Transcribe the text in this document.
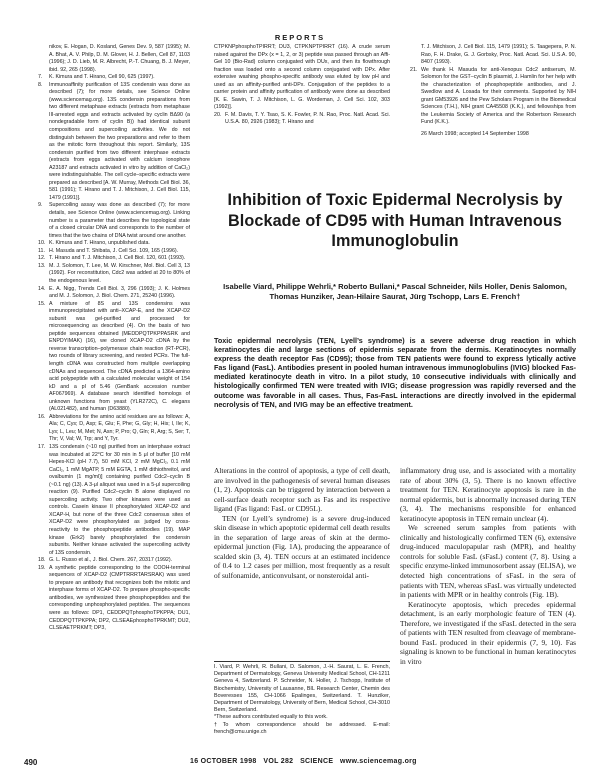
REPORTS

nikov, E. Hogan, D. Kosland, Genes Dev. 9, 587 (1995); M. A. Bhat, A. V. Philp, D. M. Glover, H. J. Bellen, Cell 87, 1103 (1996); J. D. Lieb, M. R. Albrecht, P.-T. Chuang, B. J. Meyer, ibid. 92, 265 (1998).

7. K. Kimura and T. Hirano, Cell 90, 625 (1997).

8. Immunoaffinity purification of 13S condensin was done as described (7); for more details, see Science Online (www.sciencemag.org). 13S condensin preparations from two different metaphase extracts (extracts from metaphase III-arrested eggs and extracts activated by cyclin BΔ90 (a nondegradable form of cyclin B)) had identical subunit compositions and supercoiling activities. We do not distinguish between the two preparations and refer to them as the mitotic form throughout this report. Similarly, 13S condensin purified from two different interphase extracts (extracts from eggs activated with calcium ionophore A23187 and extracts activated in vitro by addition of CaCl₂) were indistinguishable. The cell cycle–specific extracts were prepared as described [A. W. Murray, Methods Cell Biol. 36, 581 (1991); T. Hirano and T. J. Mitchison, J. Cell Biol. 115, 1479 (1991)].

9. Supercoiling assay was done as described (7); for more details, see Science Online (www.sciencemag.org). Linking number is a parameter that describes the topological state of a closed circular DNA and corresponds to the number of times that the two chains of DNA twist around one another.

10. K. Kimura and T. Hirano, unpublished data.

11. H. Masuda and T. Shibata, J. Cell Sci. 109, 165 (1996).

12. T. Hirano and T. J. Mitchison, J. Cell Biol. 120, 601 (1993).

13. M. J. Solomon, T. Lee, M. W. Kirschner, Mol. Biol. Cell 3, 13 (1992). For reconstitution, Cdc2 was added at 20 to 80% of the endogenous level.

14. E. A. Nigg, Trends Cell Biol. 3, 296 (1993); J. K. Holmes and M. J. Solomon, J. Biol. Chem. 271, 25240 (1996).

15. A mixture of 8S and 13S condensins was immunoprecipitated with anti–XCAP-E, and the XCAP-D2 subunit was gel-purified and processed for microsequencing as described (4). On the basis of two peptide sequences obtained (MEDDPQTPKPPASRK and ENPDYIMAK) (16), we cloned XCAP-D2 cDNA by the reverse transcription–polymerase chain reaction (RT-PCR), two rounds of library screening, and nested PCRs. The full-length cDNA was constructed from multiple overlapping cDNAs and sequenced. The cDNA predicted a 1364-amino acid polypeptide with a calculated molecular weight of 154 kD and a pI of 5.46 (GenBank accession number AF067969). A database search identified homologs of unknown functions from yeast (YLR272C), C. elegans (AL021482), and human (D63880).

16. Abbreviations for the amino acid residues are as follows: A, Ala; C, Cys; D, Asp; E, Glu; F, Phe; G, Gly; H, His; I, Ile; K, Lys; L, Leu; M, Met; N, Asn; P, Pro; Q, Gln; R, Arg; S, Ser; T, Thr; V, Val; W, Trp; and Y, Tyr.

17. 13S condensin (~10 ng) purified from an interphase extract was incubated at 22°C for 30 min in 5 μl of buffer [10 mM Hepes-KCl (pH 7.7), 50 mM KCl, 2 mM MgCl₂, 0.1 mM CaCl₂, 1 mM MgATP, 5 mM EGTA, 1 mM dithiothreitol, and ovalbumin (1 mg/ml)] containing purified Cdc2–cyclin B (~0.1 ng) (13). A 3-μl aliquot was used in a 5-μl supercoiling reaction (9). Purified Cdc2–cyclin B alone displayed no supercoiling activity. Two other kinases were used as controls. Casein kinase II phosphorylated XCAP-D2 and XCAP-H, but none of the three Cdc2 consensus sites of XCAP-D2 were phosphorylated as judged by cross-reactivity to the phosphopeptide antibodies (19). MAP kinase (Erk2) barely phosphorylated the condensin subunits. Neither kinase activated the supercoiling activity of 13S condensin.

18. G. L. Russo et al., J. Biol. Chem. 267, 20317 (1992).

19. A synthetic peptide corresponding to the COOH-terminal sequences of XCAP-D2 (CMPTRRRTARSRAK) was used to prepare an antibody that recognizes both the mitotic and interphase forms of XCAP-D2. To prepare phospho-specific antibodies, we synthesized three phosphopeptides and the corresponding unphosphorylated peptides. The sequences were as follows: DP1, CEDDPQTphosphoTPKPPA; DU1, CEDDPQTTPKPPA; DP2, CLSEAEphosphoTPRKMT; DU2, CLSEAETPRKMT; DP3,

CTPKNPphosphoTPIRRT; DU3, CTPKNPTPIRRT (16). A crude serum raised against the DPx (x = 1, 2, or 3) peptide was passed through an Affi-Gel 10 (Bio-Rad) column conjugated with DUx, and then its flowthrough fraction was loaded onto a second column conjugated with DPx. After extensive washing phospho-specific antibody was eluted by low pH and used as an affinity-purified anti-DPx. Conjugation of the peptides to a carrier protein and affinity purification of antibody were done as described [K. E. Sawin, T. J. Mitchison, L. G. Wordeman, J. Cell Sci. 102, 303 (1992)].

20. F. M. Davis, T. Y. Tsao, S. K. Fowler, P. N. Rao, Proc. Natl. Acad. Sci. U.S.A. 80, 2926 (1983); T. Hirano and

T. J. Mitchison, J. Cell Biol. 115, 1479 (1991); S. Taagepera, P. N. Rao, F. H. Drake, G. J. Gorbsky, Proc. Natl. Acad. Sci. U.S.A. 90, 8407 (1993).

21. We thank H. Masuda for anti-Xenopus Cdc2 antiserum, M. Solomon for the GST–cyclin B plasmid, J. Hamlin for her help with the characterization of phosphopeptide antibodies, and J. Swedlow and A. Losada for their comments. Supported by NIH grant GM53926 and the Pew Scholars Program in the Biomedical Sciences (T.H.), NIH grant CA45508 (K.K.), and fellowships from the Leukemia Society of America and the Robertson Research Fund (K.K.).

26 March 1998; accepted 14 September 1998

Inhibition of Toxic Epidermal Necrolysis by Blockade of CD95 with Human Intravenous Immunoglobulin
Isabelle Viard, Philippe Wehrli,* Roberto Bullani,* Pascal Schneider, Nils Holler, Denis Salomon, Thomas Hunziker, Jean-Hilaire Saurat, Jürg Tschopp, Lars E. French†
Toxic epidermal necrolysis (TEN, Lyell’s syndrome) is a severe adverse drug reaction in which keratinocytes die and large sections of epidermis separate from the dermis. Keratinocytes normally express the death receptor Fas (CD95); those from TEN patients were found to express lytically active Fas ligand (FasL). Antibodies present in pooled human intravenous immunoglobulins (IVIG) blocked Fas-mediated keratinocyte death in vitro. In a pilot study, 10 consecutive individuals with clinically and histologically confirmed TEN were treated with IVIG; disease progression was rapidly reversed and the outcome was favorable in all cases. Thus, Fas-FasL interactions are directly involved in the epidermal necrolysis of TEN, and IVIG may be an effective treatment.

Alterations in the control of apoptosis, a type of cell death, are involved in the pathogenesis of several human diseases (1, 2). Apoptosis can be triggered by interaction between a cell-surface death receptor such as Fas and its respective ligand (Fas ligand: FasL or CD95L).

TEN (or Lyell’s syndrome) is a severe drug-induced skin disease in which apoptotic epidermal cell death results in the separation of large areas of skin at the dermo-epidermal junction (Fig. 1A), producing the appearance of scalded skin (3, 4). TEN occurs at an estimated incidence of 0.4 to 1.2 cases per million, most frequently as a result of sulfonamide, anticonvulsant, or nonsteroidal anti-

inflammatory drug use, and is associated with a mortality rate of about 30% (3, 5). There is no known effective treatment for TEN. Keratinocyte apoptosis is rare in the normal epidermis, but is abnormally increased during TEN (3, 4). The mechanisms responsible for enhanced keratinocyte apoptosis in TEN remain unclear (4).

We screened serum samples from patients with clinically and histologically confirmed TEN (6), extensive drug-induced maculopapular rash (MPR), and healthy controls for soluble FasL (sFasL) content (7, 8). Using a specific enzyme-linked immunosorbent assay (ELISA), we detected high concentrations of sFasL in the sera of patients with TEN, whereas sFasL was virtually undetected in patients with MPR or in healthy controls (Fig. 1B).

Keratinocyte apoptosis, which precedes epidermal detachment, is an early morphologic feature of TEN (4). Therefore, we investigated if the sFasL detected in the sera of patients with TEN resulted from cleavage of membrane-bound FasL produced in their epidermis (7, 9, 10). Fas signaling is known to be functional in human keratinocytes in vitro

I. Viard, P. Wehrli, R. Bullani, D. Salomon, J.-H. Saurat, L. E. French, Department of Dermatology, Geneva University Medical School, CH-1211 Geneva 4, Switzerland. P. Schneider, N. Holler, J. Tschopp, Institute of Biochemistry, University of Lausanne, BIL Research Center, Chemin des Boveresses 155, CH-1066 Epalinges, Switzerland. T. Hunziker, Department of Dermatology, University of Bern, Medical School, CH-3010 Bern, Switzerland.

*These authors contributed equally to this work.

†To whom correspondence should be addressed. E-mail: french@cmu.unige.ch

490	16 OCTOBER 1998   VOL 282   SCIENCE   www.sciencemag.org
